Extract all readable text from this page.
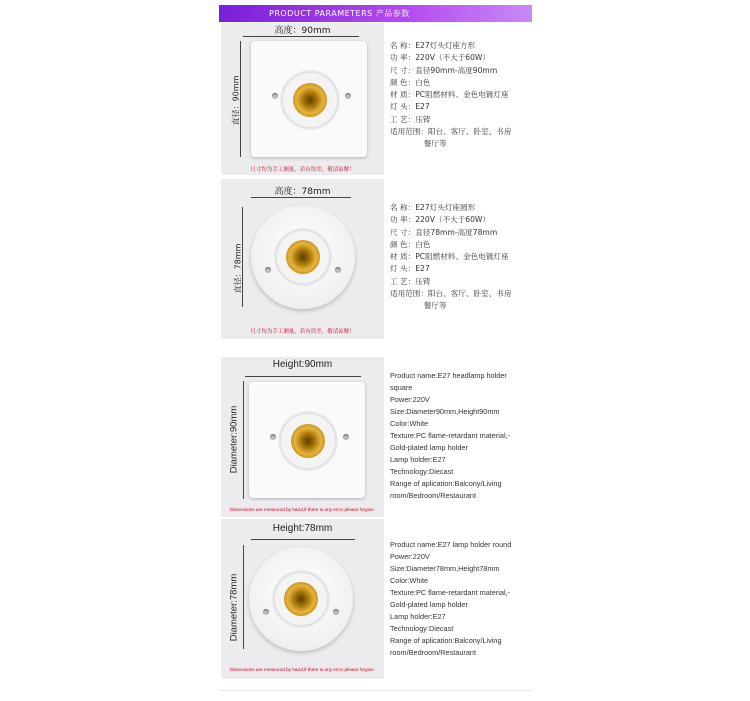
PRODUCT PARAMETERS 产品参数
高度：90mm
直径：90mm
尺寸均为手工测量，若有误差，敬请谅解！
名 称：E27灯头灯座方形
功 率：220V（不大于60W）
尺 寸：直径90mm-高度90mm
颜 色：白色
材 质：PC阻燃材料、金色电镀灯座
灯 头：E27
工 艺：压铸
适用范围：阳台、客厅、卧室、书房
餐厅等
高度：78mm
直径：78mm
尺寸均为手工测量，若有误差，敬请谅解！
名 称：E27灯头灯座圆形
功 率：220V（不大于60W）
尺 寸：直径78mm-高度78mm
颜 色：白色
材 质：PC阻燃材料、金色电镀灯座
灯 头：E27
工 艺：压铸
适用范围：阳台、客厅、卧室、书房
餐厅等
Height:90mm
Diameter:90mm
Dimensions are measured by hand,if there is any error please forgive.
Product name:E27 headlamp holder
square
Power:220V
Size:Diameter90mm,Height90mm
Color:White
Texture:PC flame-retardant material,-
Gold-plated lamp holder
Lamp holder:E27
Technology:Diecast
Range of aplication:Balcony/Living
room/Bedroom/Restaurant
Height:78mm
Diameter:78mm
Dimensions are measured by hand,if there is any error please forgive.
Product name:E27 lamp holder round
Power:220V
Size:Diameter78mm,Height78mm
Color:White
Texture:PC flame-retardant material,-
Gold-plated lamp holder
Lamp holder:E27
Technology:Diecast
Range of aplication:Balcony/Living
room/Bedroom/Restaurant
